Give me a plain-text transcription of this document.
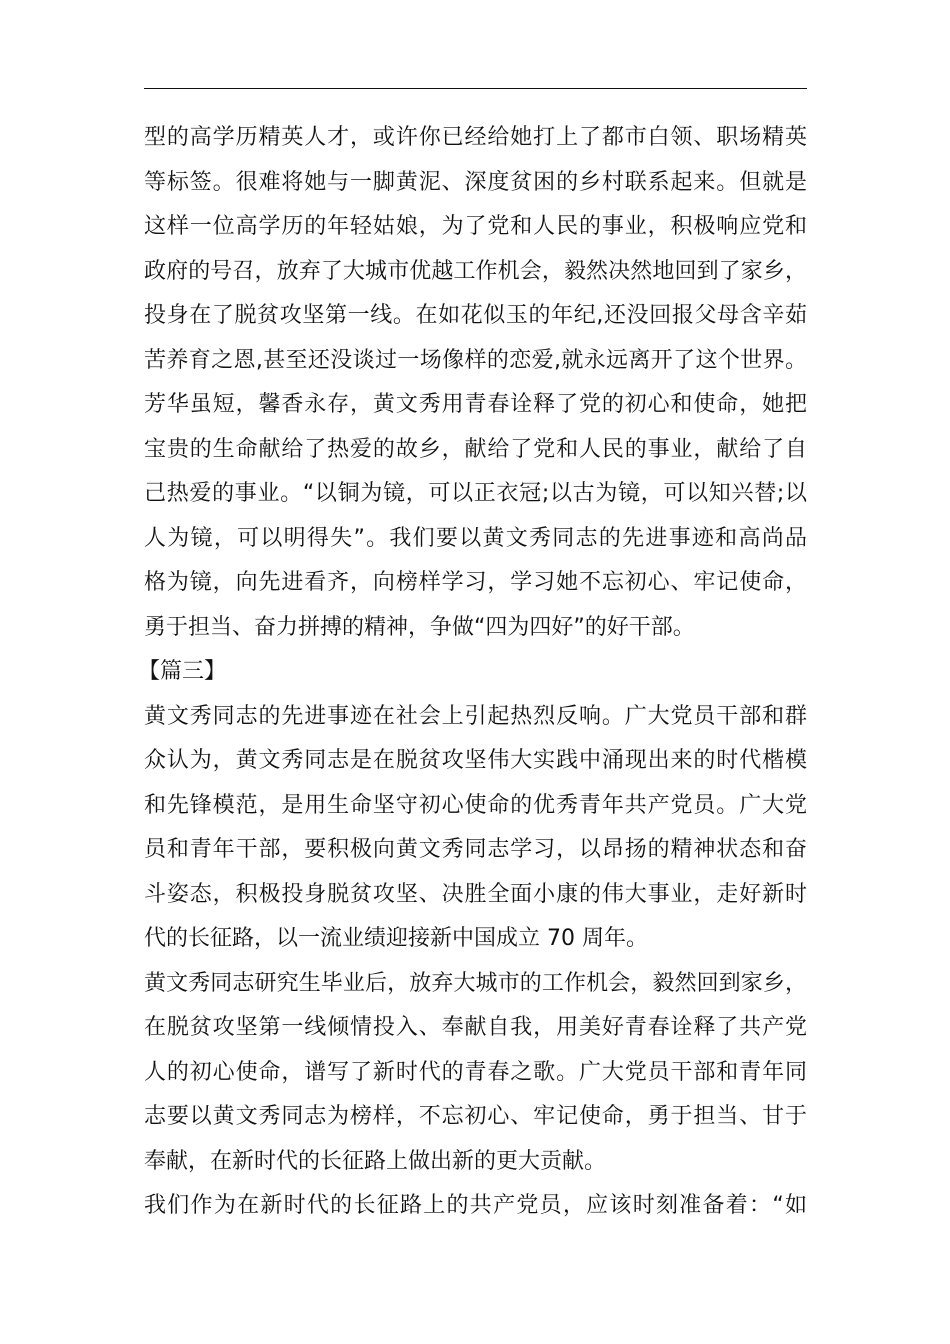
型的高学历精英人才，或许你已经给她打上了都市白领、职场精英
等标签。很难将她与一脚黄泥、深度贫困的乡村联系起来。但就是
这样一位高学历的年轻姑娘，为了党和人民的事业，积极响应党和
政府的号召，放弃了大城市优越工作机会，毅然决然地回到了家乡，
投身在了脱贫攻坚第一线。在如花似玉的年纪,还没回报父母含辛茹
苦养育之恩,甚至还没谈过一场像样的恋爱,就永远离开了这个世界。
芳华虽短，馨香永存，黄文秀用青春诠释了党的初心和使命，她把
宝贵的生命献给了热爱的故乡，献给了党和人民的事业，献给了自
己热爱的事业。“以铜为镜，可以正衣冠;以古为镜，可以知兴替;以
人为镜，可以明得失”。我们要以黄文秀同志的先进事迹和高尚品
格为镜，向先进看齐，向榜样学习，学习她不忘初心、牢记使命，
勇于担当、奋力拼搏的精神，争做“四为四好”的好干部。
【篇三】
黄文秀同志的先进事迹在社会上引起热烈反响。广大党员干部和群
众认为，黄文秀同志是在脱贫攻坚伟大实践中涌现出来的时代楷模
和先锋模范，是用生命坚守初心使命的优秀青年共产党员。广大党
员和青年干部，要积极向黄文秀同志学习，以昂扬的精神状态和奋
斗姿态，积极投身脱贫攻坚、决胜全面小康的伟大事业，走好新时
代的长征路，以一流业绩迎接新中国成立 70 周年。
黄文秀同志研究生毕业后，放弃大城市的工作机会，毅然回到家乡，
在脱贫攻坚第一线倾情投入、奉献自我，用美好青春诠释了共产党
人的初心使命，谱写了新时代的青春之歌。广大党员干部和青年同
志要以黄文秀同志为榜样，不忘初心、牢记使命，勇于担当、甘于
奉献，在新时代的长征路上做出新的更大贡献。
我们作为在新时代的长征路上的共产党员，应该时刻准备着：“如
